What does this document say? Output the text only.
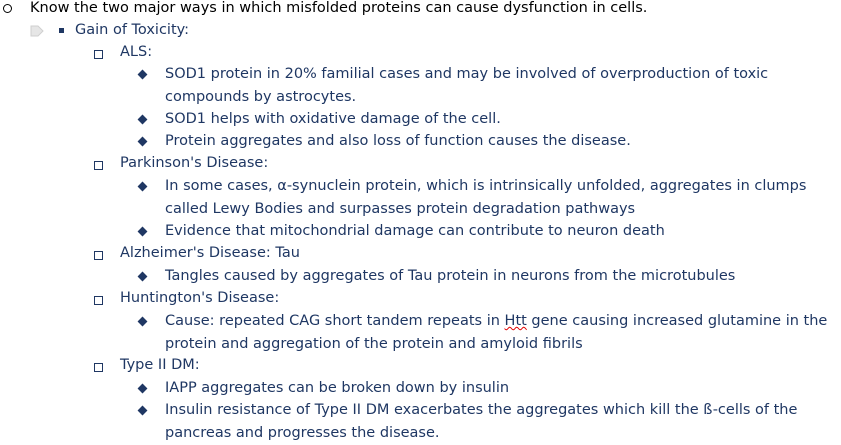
Know the two major ways in which misfolded proteins can cause dysfunction in cells.
Gain of Toxicity:
ALS:
SOD1 protein in 20% familial cases and may be involved of overproduction of toxic
compounds by astrocytes.
SOD1 helps with oxidative damage of the cell.
Protein aggregates and also loss of function causes the disease.
Parkinson's Disease:
In some cases, α-synuclein protein, which is intrinsically unfolded, aggregates in clumps
called Lewy Bodies and surpasses protein degradation pathways
Evidence that mitochondrial damage can contribute to neuron death
Alzheimer's Disease: Tau
Tangles caused by aggregates of Tau protein in neurons from the microtubules
Huntington's Disease:
Cause: repeated CAG short tandem repeats in Htt gene causing increased glutamine in the
protein and aggregation of the protein and amyloid fibrils
Type II DM:
IAPP aggregates can be broken down by insulin
Insulin resistance of Type II DM exacerbates the aggregates which kill the ß-cells of the
pancreas and progresses the disease.
